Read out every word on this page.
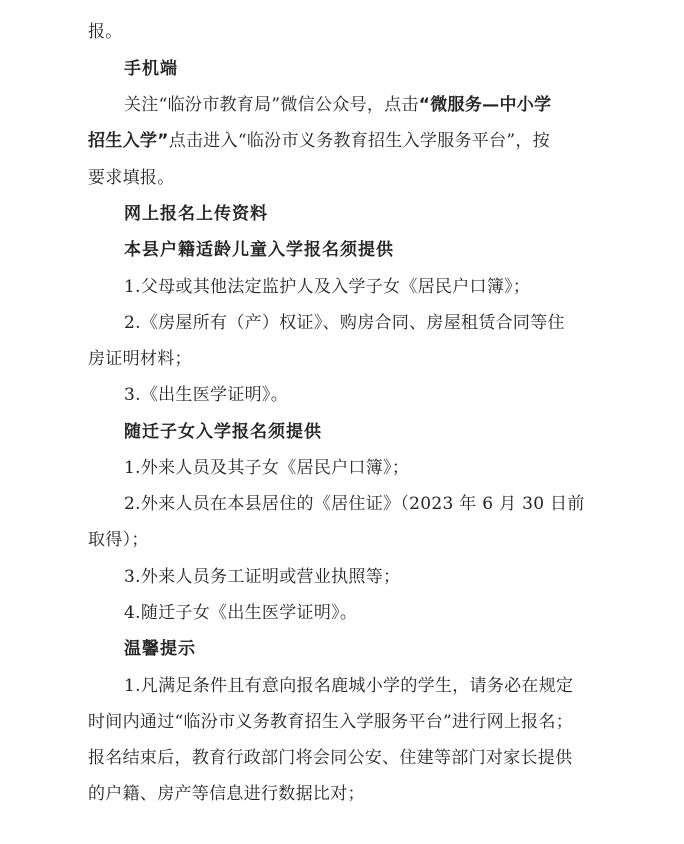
报。
手机端
关注“临汾市教育局”微信公众号，点击“微服务—中小学
招生入学”点击进入“临汾市义务教育招生入学服务平台”，按
要求填报。
网上报名上传资料
本县户籍适龄儿童入学报名须提供
1.父母或其他法定监护人及入学子女《居民户口簿》；
2.《房屋所有（产）权证》、购房合同、房屋租赁合同等住
房证明材料；
3.《出生医学证明》。
随迁子女入学报名须提供
1.外来人员及其子女《居民户口簿》；
2.外来人员在本县居住的《居住证》（2023 年 6 月 30 日前
取得）；
3.外来人员务工证明或营业执照等；
4.随迁子女《出生医学证明》。
温馨提示
1.凡满足条件且有意向报名鹿城小学的学生，请务必在规定
时间内通过“临汾市义务教育招生入学服务平台”进行网上报名；
报名结束后，教育行政部门将会同公安、住建等部门对家长提供
的户籍、房产等信息进行数据比对；
